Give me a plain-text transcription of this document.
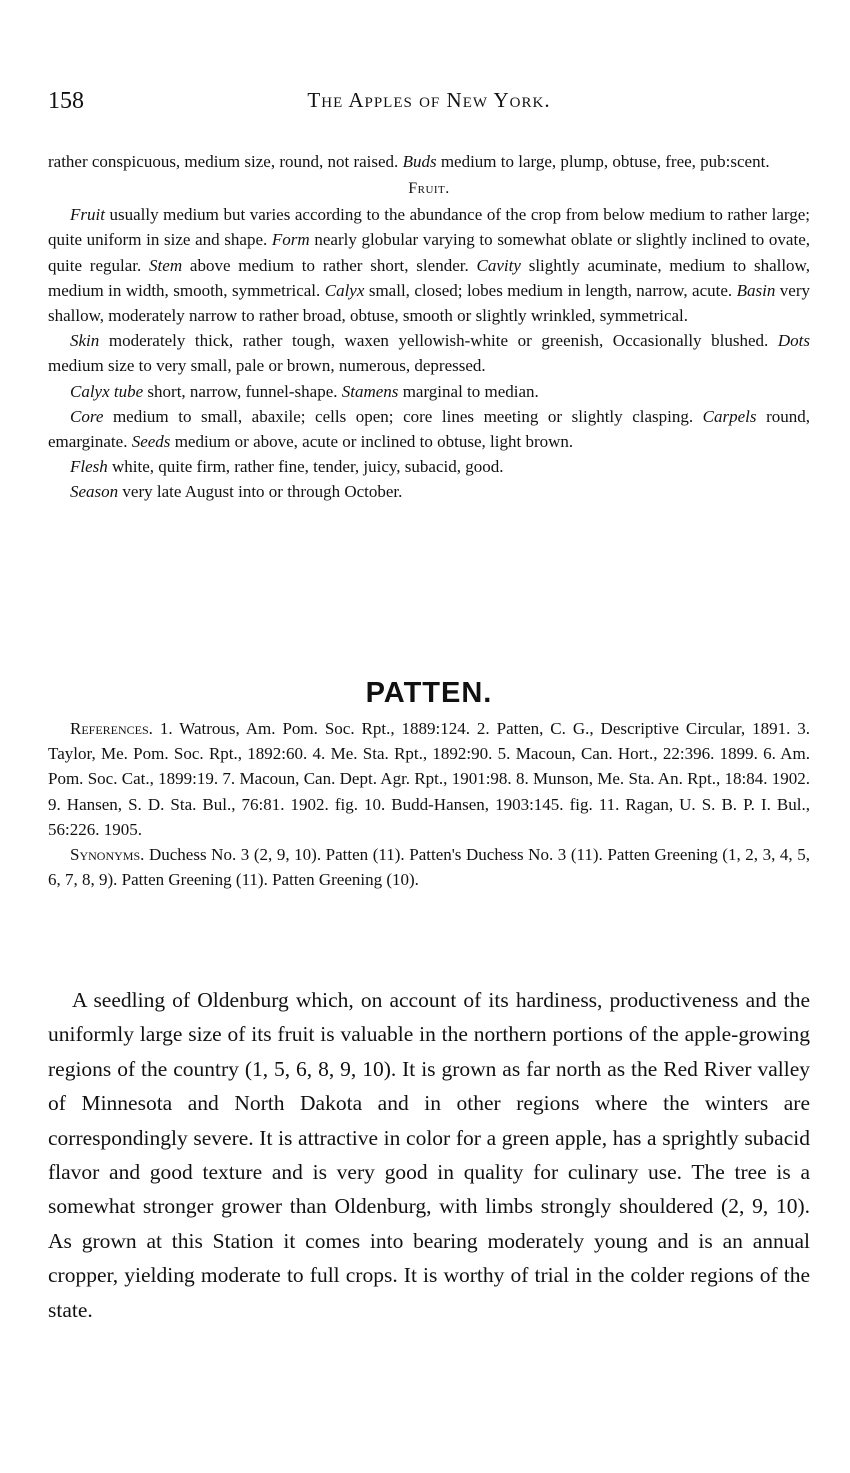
158	The Apples of New York.

rather conspicuous, medium size, round, not raised. Buds medium to large, plump, obtuse, free, pub:scent.

Fruit.

Fruit usually medium but varies according to the abundance of the crop from below medium to rather large; quite uniform in size and shape. Form nearly globular varying to somewhat oblate or slightly inclined to ovate, quite regular. Stem above medium to rather short, slender. Cavity slightly acuminate, medium to shallow, medium in width, smooth, symmetrical. Calyx small, closed; lobes medium in length, narrow, acute. Basin very shallow, moderately narrow to rather broad, obtuse, smooth or slightly wrinkled, symmetrical.

Skin moderately thick, rather tough, waxen yellowish-white or greenish, Occasionally blushed. Dots medium size to very small, pale or brown, numerous, depressed.

Calyx tube short, narrow, funnel-shape. Stamens marginal to median.

Core medium to small, abaxile; cells open; core lines meeting or slightly clasping. Carpels round, emarginate. Seeds medium or above, acute or inclined to obtuse, light brown.

Flesh white, quite firm, rather fine, tender, juicy, subacid, good.

Season very late August into or through October.

PATTEN.

References. 1. Watrous, Am. Pom. Soc. Rpt., 1889:124. 2. Patten, C. G., Descriptive Circular, 1891. 3. Taylor, Me. Pom. Soc. Rpt., 1892:60. 4. Me. Sta. Rpt., 1892:90. 5. Macoun, Can. Hort., 22:396. 1899. 6. Am. Pom. Soc. Cat., 1899:19. 7. Macoun, Can. Dept. Agr. Rpt., 1901:98. 8. Munson, Me. Sta. An. Rpt., 18:84. 1902. 9. Hansen, S. D. Sta. Bul., 76:81. 1902. fig. 10. Budd-Hansen, 1903:145. fig. 11. Ragan, U. S. B. P. I. Bul., 56:226. 1905.

Synonyms. Duchess No. 3 (2, 9, 10). Patten (11). Patten's Duchess No. 3 (11). Patten Greening (1, 2, 3, 4, 5, 6, 7, 8, 9). Patten Greening (11). Patten Greening (10).

A seedling of Oldenburg which, on account of its hardiness, productiveness and the uniformly large size of its fruit is valuable in the northern portions of the apple-growing regions of the country (1, 5, 6, 8, 9, 10). It is grown as far north as the Red River valley of Minnesota and North Dakota and in other regions where the winters are correspondingly severe. It is attractive in color for a green apple, has a sprightly subacid flavor and good texture and is very good in quality for culinary use. The tree is a somewhat stronger grower than Oldenburg, with limbs strongly shouldered (2, 9, 10). As grown at this Station it comes into bearing moderately young and is an annual cropper, yielding moderate to full crops. It is worthy of trial in the colder regions of the state.
